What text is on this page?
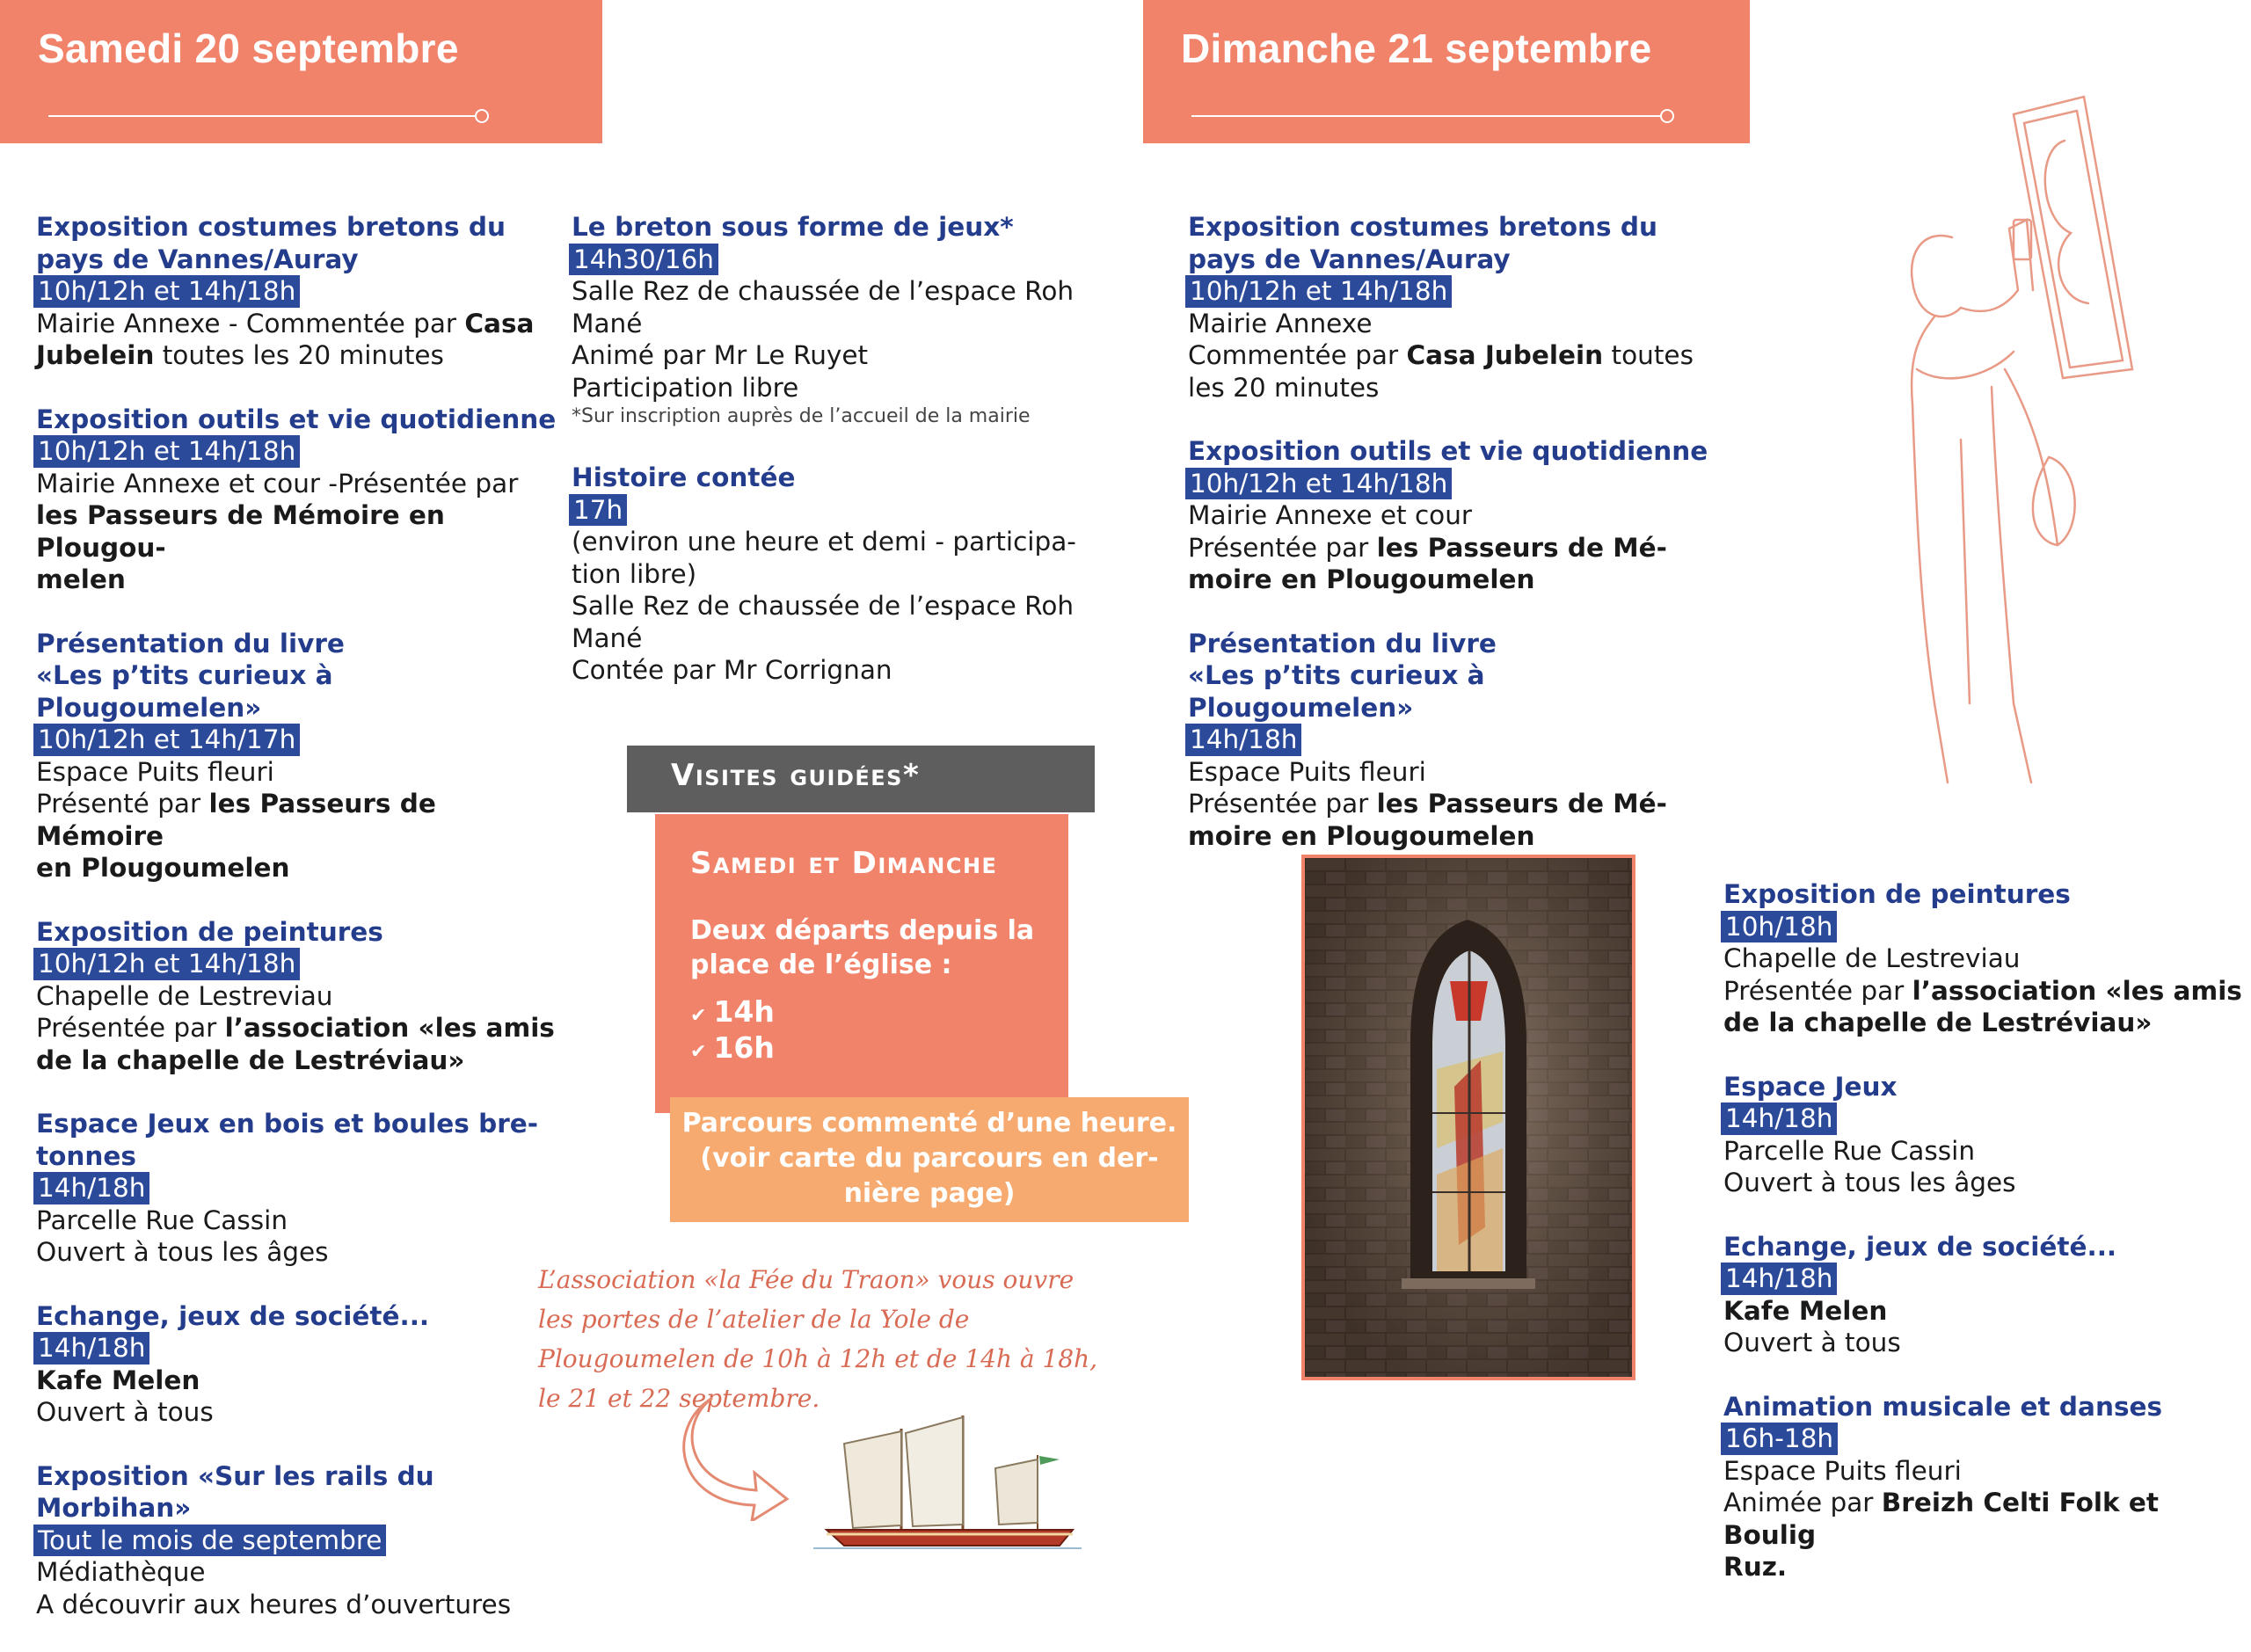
Samedi 20 septembre	Dimanche 21 septembre
Exposition costumes bretons du
pays de Vannes/Auray
10h/12h et 14h/18h
Mairie Annexe - Commentée par Casa
Jubelein toutes les 20 minutes
Exposition outils et vie quotidienne
10h/12h et 14h/18h
Mairie Annexe et cour -Présentée par
les Passeurs de Mémoire en Plougou-
melen
Présentation du livre
«Les p’tits curieux à Plougoumelen»
10h/12h et 14h/17h
Espace Puits fleuri
Présenté par les Passeurs de Mémoire
en Plougoumelen
Exposition de peintures
10h/12h et 14h/18h
Chapelle de Lestreviau
Présentée par l’association «les amis
de la chapelle de Lestréviau»
Espace Jeux en bois et boules bre-
tonnes
14h/18h
Parcelle Rue Cassin
Ouvert à tous les âges
Echange, jeux de société...
14h/18h
Kafe Melen
Ouvert à tous
Exposition «Sur les rails du
Morbihan»
Tout le mois de septembre
Médiathèque
A découvrir aux heures d’ouvertures
Le breton sous forme de jeux*
14h30/16h
Salle Rez de chaussée de l’espace Roh
Mané
Animé par Mr Le Ruyet
Participation libre
*Sur inscription auprès de l’accueil de la mairie
Histoire contée
17h
(environ une heure et demi - participa-
tion libre)
Salle Rez de chaussée de l’espace Roh
Mané
Contée par Mr Corrignan
Exposition costumes bretons du
pays de Vannes/Auray
10h/12h et 14h/18h
Mairie Annexe
Commentée par Casa Jubelein toutes
les 20 minutes
Exposition outils et vie quotidienne
10h/12h et 14h/18h
Mairie Annexe et cour
Présentée par les Passeurs de Mé-
moire en Plougoumelen
Présentation du livre
«Les p’tits curieux à Plougoumelen»
14h/18h
Espace Puits fleuri
Présentée par les Passeurs de Mé-
moire en Plougoumelen
Exposition de peintures
10h/18h
Chapelle de Lestreviau
Présentée par l’association «les amis
de la chapelle de Lestréviau»
Espace Jeux
14h/18h
Parcelle Rue Cassin
Ouvert à tous les âges
Echange, jeux de société...
14h/18h
Kafe Melen
Ouvert à tous
Animation musicale et danses
16h-18h
Espace Puits fleuri
Animée par Breizh Celti Folk et Boulig
Ruz.
Visites guidées*
Samedi et Dimanche
Deux départs depuis la place de l’église :
✔ 14h
✔ 16h
Parcours commenté d’une heure. (voir carte du parcours en der- nière page)
L’association «la Fée du Traon» vous ouvre les portes de l’atelier de la Yole de Plougoumelen de 10h à 12h et de 14h à 18h, le 21 et 22 septembre.
